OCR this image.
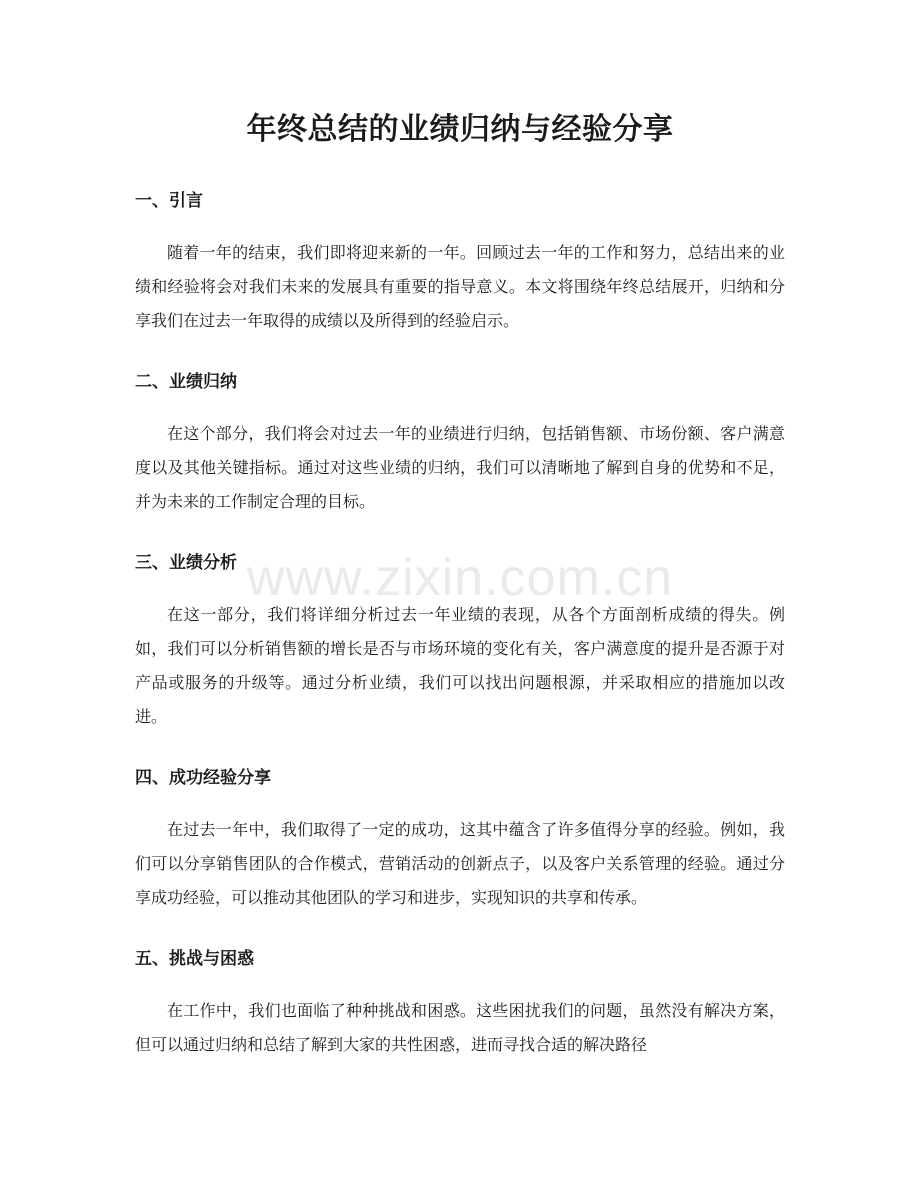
年终总结的业绩归纳与经验分享
www.zixin.com.cn
一、引言

随着一年的结束，我们即将迎来新的一年。回顾过去一年的工作和努力，总结出来的业绩和经验将会对我们未来的发展具有重要的指导意义。本文将围绕年终总结展开，归纳和分享我们在过去一年取得的成绩以及所得到的经验启示。

二、业绩归纳

在这个部分，我们将会对过去一年的业绩进行归纳，包括销售额、市场份额、客户满意度以及其他关键指标。通过对这些业绩的归纳，我们可以清晰地了解到自身的优势和不足，并为未来的工作制定合理的目标。

三、业绩分析

在这一部分，我们将详细分析过去一年业绩的表现，从各个方面剖析成绩的得失。例如，我们可以分析销售额的增长是否与市场环境的变化有关，客户满意度的提升是否源于对产品或服务的升级等。通过分析业绩，我们可以找出问题根源，并采取相应的措施加以改进。

四、成功经验分享

在过去一年中，我们取得了一定的成功，这其中蕴含了许多值得分享的经验。例如，我们可以分享销售团队的合作模式，营销活动的创新点子，以及客户关系管理的经验。通过分享成功经验，可以推动其他团队的学习和进步，实现知识的共享和传承。

五、挑战与困惑

在工作中，我们也面临了种种挑战和困惑。这些困扰我们的问题，虽然没有解决方案，但可以通过归纳和总结了解到大家的共性困惑，进而寻找合适的解决路径
